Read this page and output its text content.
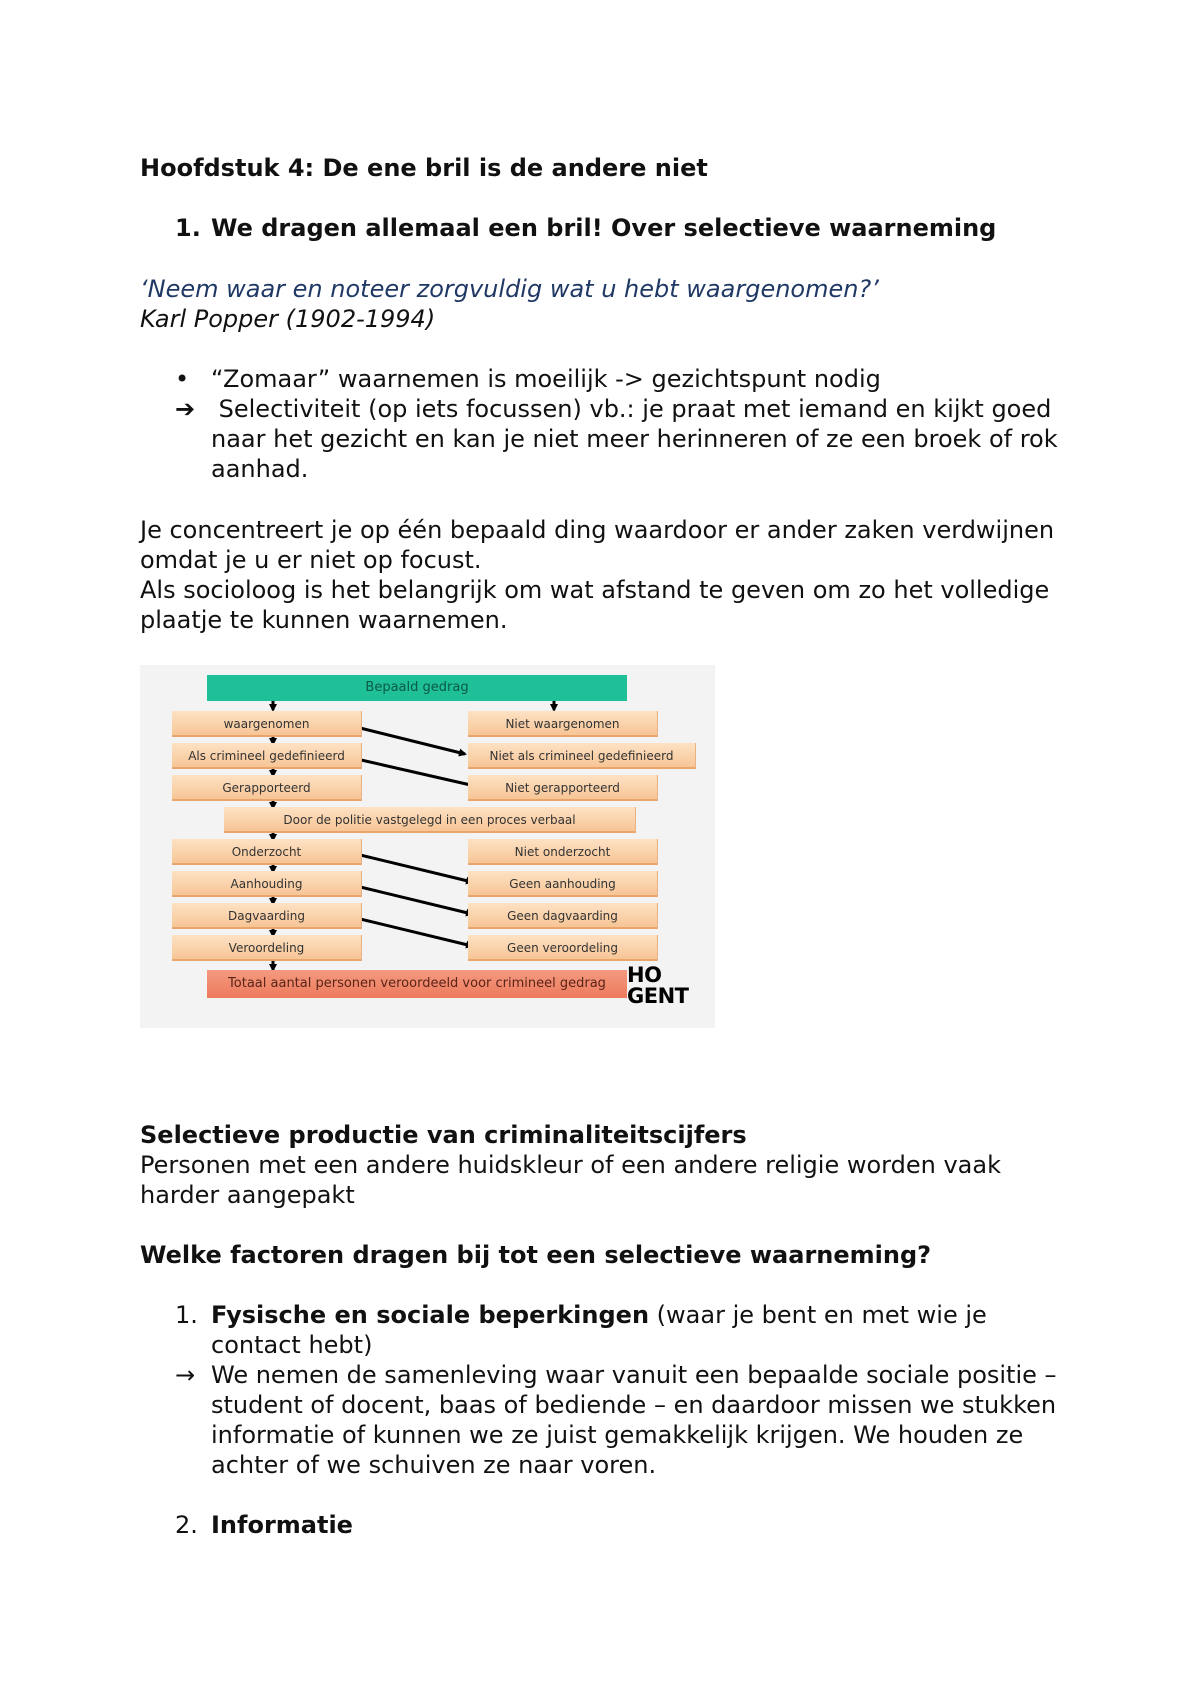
Hoofdstuk 4: De ene bril is de andere niet
1. We dragen allemaal een bril! Over selectieve waarneming
‘Neem waar en noteer zorgvuldig wat u hebt waargenomen?’
Karl Popper (1902-1994)
• “Zomaar” waarnemen is moeilijk -> gezichtspunt nodig
➔ Selectiviteit (op iets focussen) vb.: je praat met iemand en kijkt goed
naar het gezicht en kan je niet meer herinneren of ze een broek of rok
aanhad.
Je concentreert je op één bepaald ding waardoor er ander zaken verdwijnen
omdat je u er niet op focust.
Als socioloog is het belangrijk om wat afstand te geven om zo het volledige
plaatje te kunnen waarnemen.
Bepaald gedrag
waargenomen
Als crimineel gedefinieerd
Gerapporteerd
Niet waargenomen
Niet als crimineel gedefinieerd
Niet gerapporteerd
Door de politie vastgelegd in een proces verbaal
Onderzocht
Aanhouding
Dagvaarding
Veroordeling
Niet onderzocht
Geen aanhouding
Geen dagvaarding
Geen veroordeling
Totaal aantal personen veroordeeld voor crimineel gedrag	HO
GENT
Selectieve productie van criminaliteitscijfers
Personen met een andere huidskleur of een andere religie worden vaak
harder aangepakt
Welke factoren dragen bij tot een selectieve waarneming?
1. Fysische en sociale beperkingen (waar je bent en met wie je
contact hebt)
→ We nemen de samenleving waar vanuit een bepaalde sociale positie –
student of docent, baas of bediende – en daardoor missen we stukken
informatie of kunnen we ze juist gemakkelijk krijgen. We houden ze
achter of we schuiven ze naar voren.
2. Informatie
